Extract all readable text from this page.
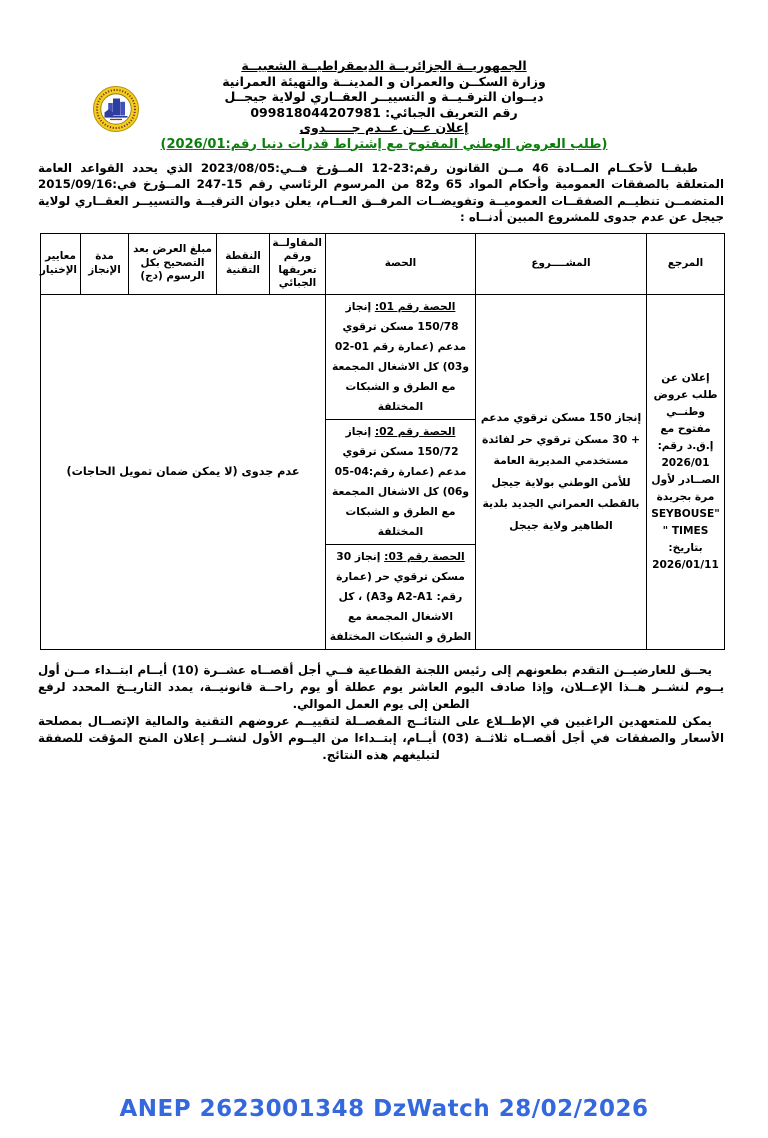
الجمهوريــة الجزائريــة الديمقراطيــة الشعبيــة
وزارة السكــن والعمران و المدينــة والتهيئة العمرانية
ديــوان الترقـيــة و التسييــر العقــاري لولاية جيجــل
رقم التعريف الجبائي: 099818044207981
إعلان عــن عــدم جــــــدوى
(طلب العروض الوطني المفتوح مع إشتراط قدرات دنيا رقم:2026/01)
طبقــا لأحكــام المــادة 46 مــن القانون رقم:23-12 المــؤرخ فــي:2023/08/05 الذي يحدد القواعد العامة المتعلقة بالصفقات العمومية وأحكام المواد 65 و82 من المرسوم الرئاسي رقم 15-247 المــؤرخ في:2015/09/16 المتضمــن تنظيــم الصفقــات العموميــة وتفويضــات المرفــق العــام، يعلن ديوان الترقيــة والتسييــر العقــاري لولاية جيجل عن عدم جدوى للمشروع المبين أدنــاه :
المرجع	المشــــروع	الحصة	المقاولــة ورقم تعريفها الجبائي	النقطة التقنية	مبلغ العرض بعد التصحيح بكل الرسوم (دج)	مدة الإنجاز	معايير الإختيار
إعلان عن طلب عروض وطنــي مفتوح مع إ.ق.د رقم: 2026/01 الصــادر لأول مرة بجريدة "SEYBOUSE TIMES " بتاريخ: 2026/01/11	إنجاز 150 مسكن ترقوي مدعم + 30 مسكن ترقوي حر لفائدة مستخدمي المديرية العامة للأمن الوطني بولاية جيجل بالقطب العمراني الجديد بلدية الطاهير ولاية جيجل	الحصة رقم 01: إنجاز 150/78 مسكن ترقوي مدعم (عمارة رقم 01-02 و03) كل الاشغال المجمعة مع الطرق و الشبكات المختلفة	عدم جدوى (لا يمكن ضمان تمويل الحاجات)				
		الحصة رقم 02: إنجاز 150/72 مسكن ترقوي مدعم (عمارة رقم:04-05 و06) كل الاشغال المجمعة مع الطرق و الشبكات المختلفة					
		الحصة رقم 03: إنجاز 30 مسكن ترقوي حر (عمارة رقم: A2-A1 وA3) ، كل الاشغال المجمعة مع الطرق و الشبكات المختلفة					

يحــق للعارضيــن التقدم بطعونهم إلى رئيس اللجنة القطاعية فــي أجل أقصــاه عشــرة (10) أيــام ابتــداء مــن أول يــوم لنشــر هــذا الإعــلان، وإذا صادف اليوم العاشر يوم عطلة أو يوم راحــة قانونيــة، يمدد التاريــخ المحدد لرفع الطعن إلى يوم العمل الموالي.

يمكن للمتعهدين الراغبين في الإطــلاع على النتائــج المفصــلة لتقييــم عروضهم التقنية والمالية الإتصــال بمصلحة الأسعار والصفقات في أجل أقصــاه ثلاثــة (03) أيــام، إبتــداءا من اليــوم الأول لنشــر إعلان المنح المؤقت للصفقة لتبليغهم هذه النتائج.

ANEP 2623001348 DzWatch 28/02/2026
